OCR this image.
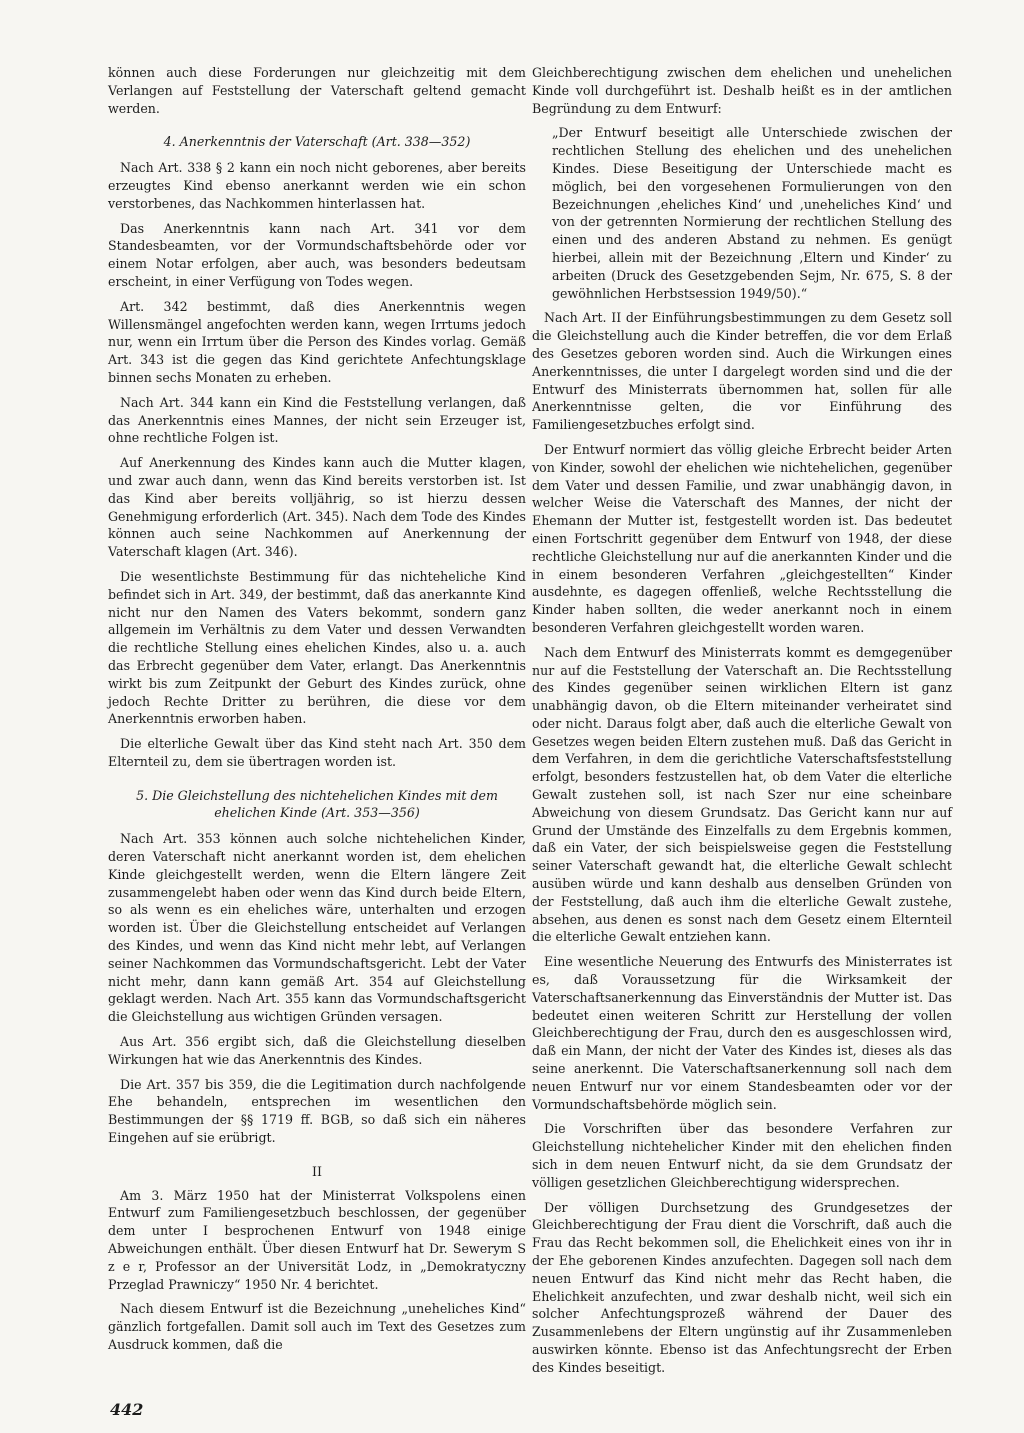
können auch diese Forderungen nur gleichzeitig mit dem Verlangen auf Feststellung der Vaterschaft geltend gemacht werden.

4. Anerkenntnis der Vaterschaft (Art. 338—352)

Nach Art. 338 § 2 kann ein noch nicht geborenes, aber bereits erzeugtes Kind ebenso anerkannt werden wie ein schon verstorbenes, das Nachkommen hinterlassen hat.

Das Anerkenntnis kann nach Art. 341 vor dem Standesbeamten, vor der Vormundschaftsbehörde oder vor einem Notar erfolgen, aber auch, was besonders bedeutsam erscheint, in einer Verfügung von Todes wegen.

Art. 342 bestimmt, daß dies Anerkenntnis wegen Willensmängel angefochten werden kann, wegen Irrtums jedoch nur, wenn ein Irrtum über die Person des Kindes vorlag. Gemäß Art. 343 ist die gegen das Kind gerichtete Anfechtungsklage binnen sechs Monaten zu erheben.

Nach Art. 344 kann ein Kind die Feststellung verlangen, daß das Anerkenntnis eines Mannes, der nicht sein Erzeuger ist, ohne rechtliche Folgen ist.

Auf Anerkennung des Kindes kann auch die Mutter klagen, und zwar auch dann, wenn das Kind bereits verstorben ist. Ist das Kind aber bereits volljährig, so ist hierzu dessen Genehmigung erforderlich (Art. 345). Nach dem Tode des Kindes können auch seine Nachkommen auf Anerkennung der Vaterschaft klagen (Art. 346).

Die wesentlichste Bestimmung für das nichteheliche Kind befindet sich in Art. 349, der bestimmt, daß das anerkannte Kind nicht nur den Namen des Vaters bekommt, sondern ganz allgemein im Verhältnis zu dem Vater und dessen Verwandten die rechtliche Stellung eines ehelichen Kindes, also u. a. auch das Erbrecht gegenüber dem Vater, erlangt. Das Anerkenntnis wirkt bis zum Zeitpunkt der Geburt des Kindes zurück, ohne jedoch Rechte Dritter zu berühren, die diese vor dem Anerkenntnis erworben haben.

Die elterliche Gewalt über das Kind steht nach Art. 350 dem Elternteil zu, dem sie übertragen worden ist.

5. Die Gleichstellung des nichtehelichen Kindes mit dem ehelichen Kinde (Art. 353—356)

Nach Art. 353 können auch solche nichtehelichen Kinder, deren Vaterschaft nicht anerkannt worden ist, dem ehelichen Kinde gleichgestellt werden, wenn die Eltern längere Zeit zusammengelebt haben oder wenn das Kind durch beide Eltern, so als wenn es ein eheliches wäre, unterhalten und erzogen worden ist. Über die Gleichstellung entscheidet auf Verlangen des Kindes, und wenn das Kind nicht mehr lebt, auf Verlangen seiner Nachkommen das Vormundschaftsgericht. Lebt der Vater nicht mehr, dann kann gemäß Art. 354 auf Gleichstellung geklagt werden. Nach Art. 355 kann das Vormundschaftsgericht die Gleichstellung aus wichtigen Gründen versagen.

Aus Art. 356 ergibt sich, daß die Gleichstellung dieselben Wirkungen hat wie das Anerkenntnis des Kindes.

Die Art. 357 bis 359, die die Legitimation durch nachfolgende Ehe behandeln, entsprechen im wesentlichen den Bestimmungen der §§ 1719 ff. BGB, so daß sich ein näheres Eingehen auf sie erübrigt.

II

Am 3. März 1950 hat der Ministerrat Volkspolens einen Entwurf zum Familiengesetzbuch beschlossen, der gegenüber dem unter I besprochenen Entwurf von 1948 einige Abweichungen enthält. Über diesen Entwurf hat Dr. Sewerym S z e r, Professor an der Universität Lodz, in „Demokratyczny Przeglad Prawniczy“ 1950 Nr. 4 berichtet.

Nach diesem Entwurf ist die Bezeichnung „uneheliches Kind“ gänzlich fortgefallen. Damit soll auch im Text des Gesetzes zum Ausdruck kommen, daß die

Gleichberechtigung zwischen dem ehelichen und unehelichen Kinde voll durchgeführt ist. Deshalb heißt es in der amtlichen Begründung zu dem Entwurf:

„Der Entwurf beseitigt alle Unterschiede zwischen der rechtlichen Stellung des ehelichen und des unehelichen Kindes. Diese Beseitigung der Unterschiede macht es möglich, bei den vorgesehenen Formulierungen von den Bezeichnungen ‚eheliches Kind‘ und ‚uneheliches Kind‘ und von der getrennten Normierung der rechtlichen Stellung des einen und des anderen Abstand zu nehmen. Es genügt hierbei, allein mit der Bezeichnung ‚Eltern und Kinder‘ zu arbeiten (Druck des Gesetzgebenden Sejm, Nr. 675, S. 8 der gewöhnlichen Herbstsession 1949/50).“

Nach Art. II der Einführungsbestimmungen zu dem Gesetz soll die Gleichstellung auch die Kinder betreffen, die vor dem Erlaß des Gesetzes geboren worden sind. Auch die Wirkungen eines Anerkenntnisses, die unter I dargelegt worden sind und die der Entwurf des Ministerrats übernommen hat, sollen für alle Anerkenntnisse gelten, die vor Einführung des Familiengesetzbuches erfolgt sind.

Der Entwurf normiert das völlig gleiche Erbrecht beider Arten von Kinder, sowohl der ehelichen wie nichtehelichen, gegenüber dem Vater und dessen Familie, und zwar unabhängig davon, in welcher Weise die Vaterschaft des Mannes, der nicht der Ehemann der Mutter ist, festgestellt worden ist. Das bedeutet einen Fortschritt gegenüber dem Entwurf von 1948, der diese rechtliche Gleichstellung nur auf die anerkannten Kinder und die in einem besonderen Verfahren „gleichgestellten“ Kinder ausdehnte, es dagegen offenließ, welche Rechtsstellung die Kinder haben sollten, die weder anerkannt noch in einem besonderen Verfahren gleichgestellt worden waren.

Nach dem Entwurf des Ministerrats kommt es demgegenüber nur auf die Feststellung der Vaterschaft an. Die Rechtsstellung des Kindes gegenüber seinen wirklichen Eltern ist ganz unabhängig davon, ob die Eltern miteinander verheiratet sind oder nicht. Daraus folgt aber, daß auch die elterliche Gewalt von Gesetzes wegen beiden Eltern zustehen muß. Daß das Gericht in dem Verfahren, in dem die gerichtliche Vaterschaftsfeststellung erfolgt, besonders festzustellen hat, ob dem Vater die elterliche Gewalt zustehen soll, ist nach Szer nur eine scheinbare Abweichung von diesem Grundsatz. Das Gericht kann nur auf Grund der Umstände des Einzelfalls zu dem Ergebnis kommen, daß ein Vater, der sich beispielsweise gegen die Feststellung seiner Vaterschaft gewandt hat, die elterliche Gewalt schlecht ausüben würde und kann deshalb aus denselben Gründen von der Feststellung, daß auch ihm die elterliche Gewalt zustehe, absehen, aus denen es sonst nach dem Gesetz einem Elternteil die elterliche Gewalt entziehen kann.

Eine wesentliche Neuerung des Entwurfs des Ministerrates ist es, daß Voraussetzung für die Wirksamkeit der Vaterschaftsanerkennung das Einverständnis der Mutter ist. Das bedeutet einen weiteren Schritt zur Herstellung der vollen Gleichberechtigung der Frau, durch den es ausgeschlossen wird, daß ein Mann, der nicht der Vater des Kindes ist, dieses als das seine anerkennt. Die Vaterschaftsanerkennung soll nach dem neuen Entwurf nur vor einem Standesbeamten oder vor der Vormundschaftsbehörde möglich sein.

Die Vorschriften über das besondere Verfahren zur Gleichstellung nichtehelicher Kinder mit den ehelichen finden sich in dem neuen Entwurf nicht, da sie dem Grundsatz der völligen gesetzlichen Gleichberechtigung widersprechen.

Der völligen Durchsetzung des Grundgesetzes der Gleichberechtigung der Frau dient die Vorschrift, daß auch die Frau das Recht bekommen soll, die Ehelichkeit eines von ihr in der Ehe geborenen Kindes anzufechten. Dagegen soll nach dem neuen Entwurf das Kind nicht mehr das Recht haben, die Ehelichkeit anzufechten, und zwar deshalb nicht, weil sich ein solcher Anfechtungsprozeß während der Dauer des Zusammenlebens der Eltern ungünstig auf ihr Zusammenleben auswirken könnte. Ebenso ist das Anfechtungsrecht der Erben des Kindes beseitigt.

442
